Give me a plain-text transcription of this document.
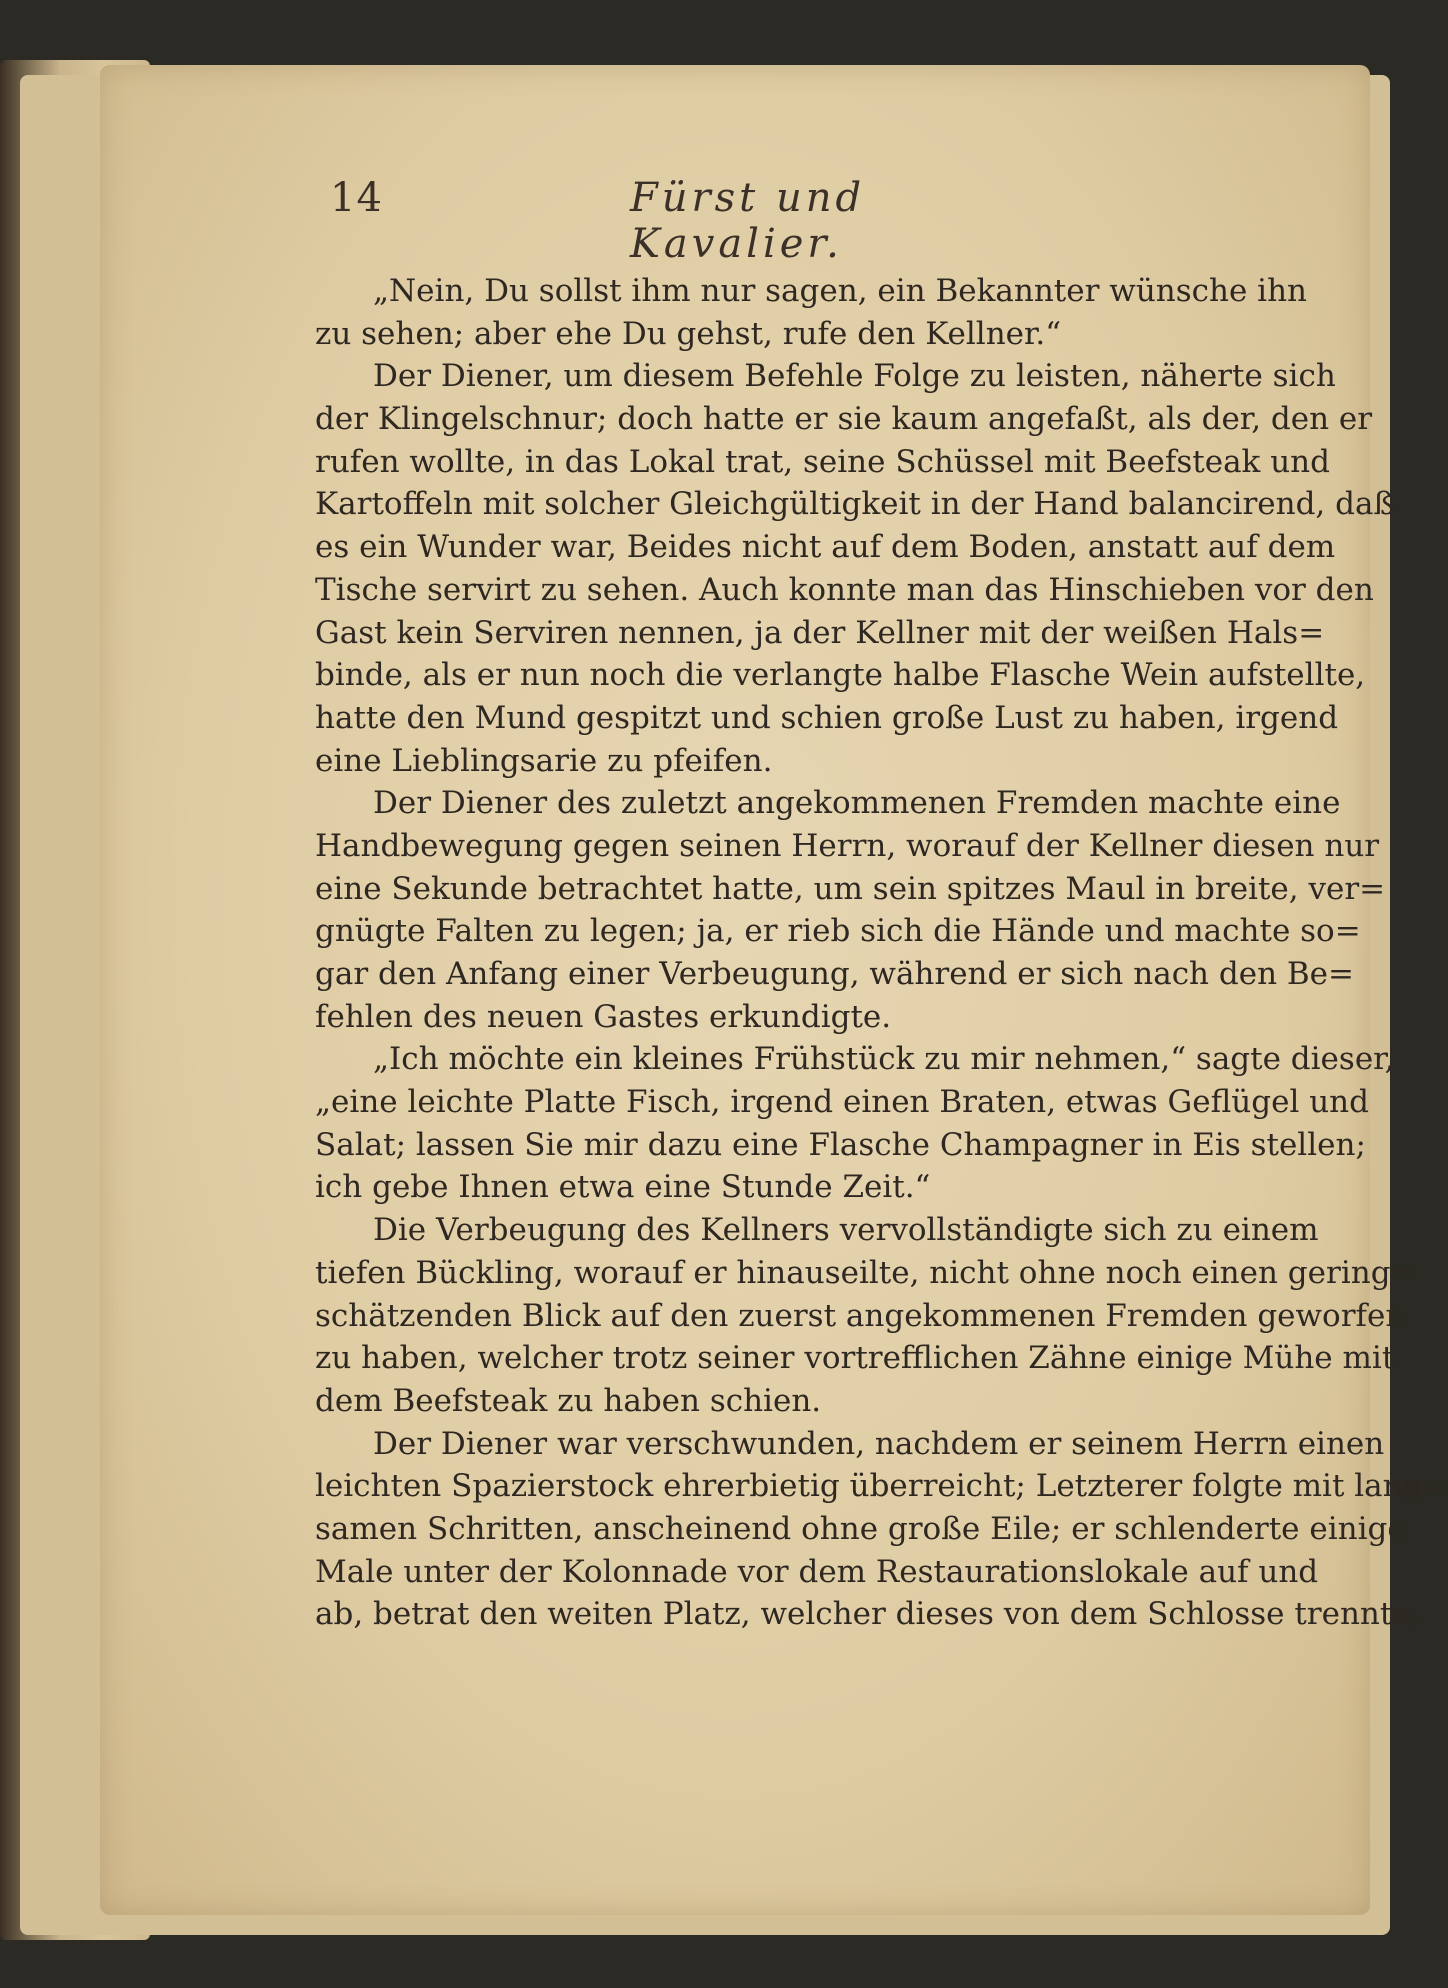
14	Fürst und Kavalier.
„Nein, Du sollst ihm nur sagen, ein Bekannter wünsche ihn
zu sehen; aber ehe Du gehst, rufe den Kellner.“
Der Diener, um diesem Befehle Folge zu leisten, näherte sich
der Klingelschnur; doch hatte er sie kaum angefaßt, als der, den er
rufen wollte, in das Lokal trat, seine Schüssel mit Beefsteak und
Kartoffeln mit solcher Gleichgültigkeit in der Hand balancirend, daß
es ein Wunder war, Beides nicht auf dem Boden, anstatt auf dem
Tische servirt zu sehen. Auch konnte man das Hinschieben vor den
Gast kein Serviren nennen, ja der Kellner mit der weißen Hals=
binde, als er nun noch die verlangte halbe Flasche Wein aufstellte,
hatte den Mund gespitzt und schien große Lust zu haben, irgend
eine Lieblingsarie zu pfeifen.
Der Diener des zuletzt angekommenen Fremden machte eine
Handbewegung gegen seinen Herrn, worauf der Kellner diesen nur
eine Sekunde betrachtet hatte, um sein spitzes Maul in breite, ver=
gnügte Falten zu legen; ja, er rieb sich die Hände und machte so=
gar den Anfang einer Verbeugung, während er sich nach den Be=
fehlen des neuen Gastes erkundigte.
„Ich möchte ein kleines Frühstück zu mir nehmen,“ sagte dieser,
„eine leichte Platte Fisch, irgend einen Braten, etwas Geflügel und
Salat; lassen Sie mir dazu eine Flasche Champagner in Eis stellen;
ich gebe Ihnen etwa eine Stunde Zeit.“
Die Verbeugung des Kellners vervollständigte sich zu einem
tiefen Bückling, worauf er hinauseilte, nicht ohne noch einen gering=
schätzenden Blick auf den zuerst angekommenen Fremden geworfen
zu haben, welcher trotz seiner vortrefflichen Zähne einige Mühe mit
dem Beefsteak zu haben schien.
Der Diener war verschwunden, nachdem er seinem Herrn einen
leichten Spazierstock ehrerbietig überreicht; Letzterer folgte mit lang=
samen Schritten, anscheinend ohne große Eile; er schlenderte einige
Male unter der Kolonnade vor dem Restaurationslokale auf und
ab, betrat den weiten Platz, welcher dieses von dem Schlosse trennte,
